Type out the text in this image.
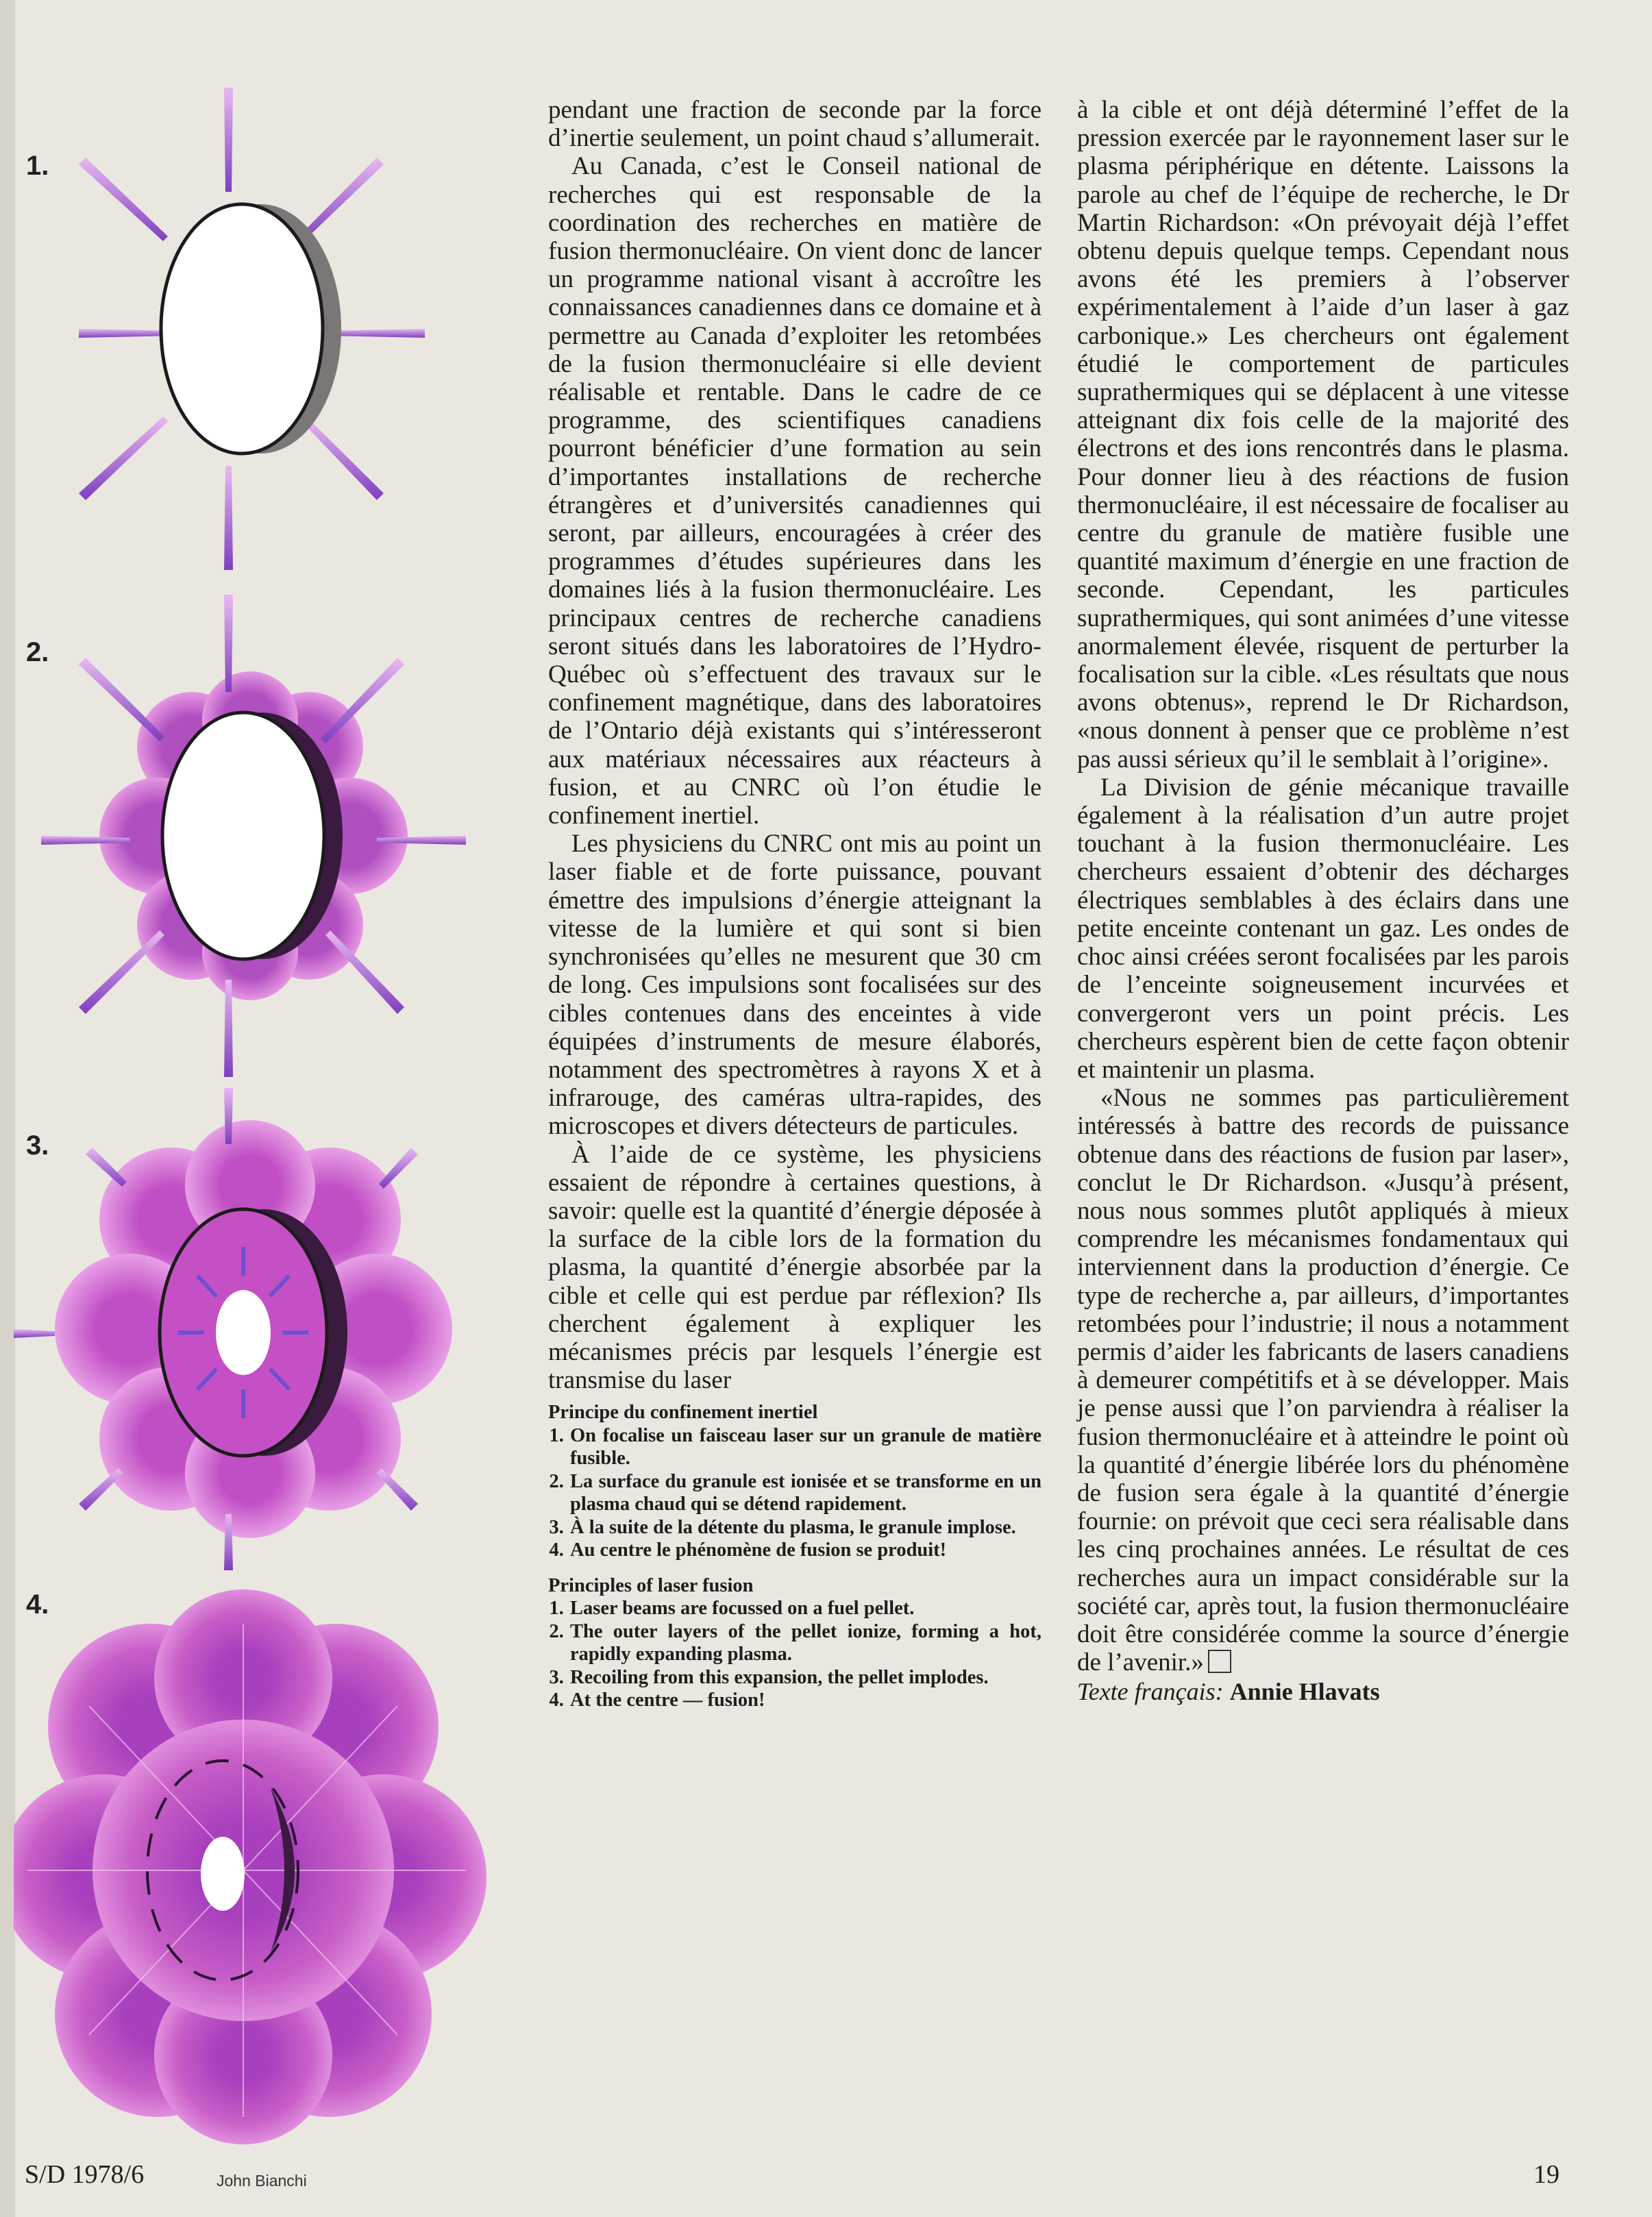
1.
2.
3.
4.
John Bianchi

pendant une fraction de seconde par la force d’inertie seulement, un point chaud s’allumerait.

Au Canada, c’est le Conseil national de recherches qui est responsable de la coordination des recherches en matière de fusion thermonucléaire. On vient donc de lancer un programme national visant à accroître les connaissances canadiennes dans ce domaine et à permettre au Canada d’exploiter les retombées de la fusion thermonucléaire si elle devient réalisable et rentable. Dans le cadre de ce programme, des scientifiques canadiens pourront bénéficier d’une formation au sein d’importantes installations de recherche étrangères et d’universités canadiennes qui seront, par ailleurs, encouragées à créer des programmes d’études supérieures dans les domaines liés à la fusion thermonucléaire. Les principaux centres de recherche canadiens seront situés dans les laboratoires de l’Hydro-Québec où s’effectuent des travaux sur le confinement magnétique, dans des laboratoires de l’Ontario déjà existants qui s’intéresseront aux matériaux nécessaires aux réacteurs à fusion, et au CNRC où l’on étudie le confinement inertiel.

Les physiciens du CNRC ont mis au point un laser fiable et de forte puissance, pouvant émettre des impulsions d’énergie atteignant la vitesse de la lumière et qui sont si bien synchronisées qu’elles ne mesurent que 30 cm de long. Ces impulsions sont focalisées sur des cibles contenues dans des enceintes à vide équipées d’instruments de mesure élaborés, notamment des spectromètres à rayons X et à infrarouge, des caméras ultra-rapides, des microscopes et divers détecteurs de particules.

À l’aide de ce système, les physiciens essaient de répondre à certaines questions, à savoir: quelle est la quantité d’énergie déposée à la surface de la cible lors de la formation du plasma, la quantité d’énergie absorbée par la cible et celle qui est perdue par réflexion? Ils cherchent également à expliquer les mécanismes précis par lesquels l’énergie est transmise du laser

Principe du confinement inertiel
1. On focalise un faisceau laser sur un granule de matière fusible.
2. La surface du granule est ionisée et se transforme en un plasma chaud qui se détend rapidement.
3. À la suite de la détente du plasma, le granule implose.
4. Au centre le phénomène de fusion se produit!
Principles of laser fusion
1. Laser beams are focussed on a fuel pellet.
2. The outer layers of the pellet ionize, forming a hot, rapidly expanding plasma.
3. Recoiling from this expansion, the pellet implodes.
4. At the centre — fusion!

à la cible et ont déjà déterminé l’effet de la pression exercée par le rayonnement laser sur le plasma périphérique en détente. Laissons la parole au chef de l’équipe de recherche, le Dr Martin Richardson: «On prévoyait déjà l’effet obtenu depuis quelque temps. Cependant nous avons été les premiers à l’observer expérimentalement à l’aide d’un laser à gaz carbonique.» Les chercheurs ont également étudié le comportement de particules suprathermiques qui se déplacent à une vitesse atteignant dix fois celle de la majorité des électrons et des ions rencontrés dans le plasma. Pour donner lieu à des réactions de fusion thermonucléaire, il est nécessaire de focaliser au centre du granule de matière fusible une quantité maximum d’énergie en une fraction de seconde. Cependant, les particules suprathermiques, qui sont animées d’une vitesse anormalement élevée, risquent de perturber la focalisation sur la cible. «Les résultats que nous avons obtenus», reprend le Dr Richardson, «nous donnent à penser que ce problème n’est pas aussi sérieux qu’il le semblait à l’origine».

La Division de génie mécanique travaille également à la réalisation d’un autre projet touchant à la fusion thermonucléaire. Les chercheurs essaient d’obtenir des décharges électriques semblables à des éclairs dans une petite enceinte contenant un gaz. Les ondes de choc ainsi créées seront focalisées par les parois de l’enceinte soigneusement incurvées et convergeront vers un point précis. Les chercheurs espèrent bien de cette façon obtenir et maintenir un plasma.

«Nous ne sommes pas particulièrement intéressés à battre des records de puissance obtenue dans des réactions de fusion par laser», conclut le Dr Richardson. «Jusqu’à présent, nous nous sommes plutôt appliqués à mieux comprendre les mécanismes fondamentaux qui interviennent dans la production d’énergie. Ce type de recherche a, par ailleurs, d’importantes retombées pour l’industrie; il nous a notamment permis d’aider les fabricants de lasers canadiens à demeurer compétitifs et à se développer. Mais je pense aussi que l’on parviendra à réaliser la fusion thermonucléaire et à atteindre le point où la quantité d’énergie libérée lors du phénomène de fusion sera égale à la quantité d’énergie fournie: on prévoit que ceci sera réalisable dans les cinq prochaines années. Le résultat de ces recherches aura un impact considérable sur la société car, après tout, la fusion thermonucléaire doit être considérée comme la source d’énergie de l’avenir.»

Texte français: Annie Hlavats
S/D 1978/6	19
